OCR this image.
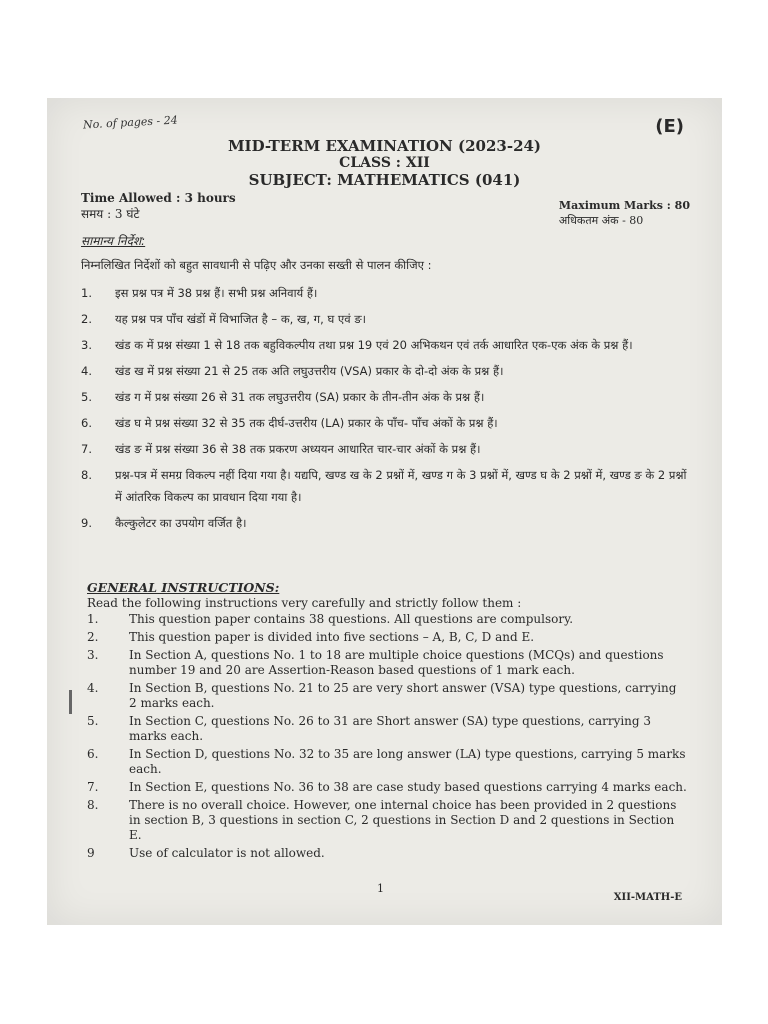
No. of pages - 24	(E)
MID-TERM EXAMINATION (2023-24)
CLASS : XII
SUBJECT: MATHEMATICS (041)
Time Allowed : 3 hours
समय : 3 घंटे
Maximum Marks : 80
अधिकतम अंक - 80
सामान्य निर्देश:
निम्नलिखित निर्देशों को बहुत सावधानी से पढ़िए और उनका सख्ती से पालन कीजिए :
1.	इस प्रश्न पत्र में 38 प्रश्न हैं। सभी प्रश्न अनिवार्य हैं।
2.	यह प्रश्न पत्र पाँच खंडों में विभाजित है – क, ख, ग, घ एवं ङ।
3.	खंड क में प्रश्न संख्या 1 से 18 तक बहुविकल्पीय तथा प्रश्न 19 एवं 20 अभिकथन एवं तर्क आधारित एक-एक अंक के प्रश्न हैं।
4.	खंड ख में प्रश्न संख्या 21 से 25 तक अति लघुउत्तरीय (VSA) प्रकार के दो-दो अंक के प्रश्न हैं।
5.	खंड ग में प्रश्न संख्या 26 से 31 तक लघुउत्तरीय (SA) प्रकार के तीन-तीन अंक के प्रश्न हैं।
6.	खंड घ मे प्रश्न संख्या 32 से 35 तक दीर्घ-उत्तरीय (LA) प्रकार के पाँच- पाँच अंकों के प्रश्न हैं।
7.	खंड ङ में प्रश्न संख्या 36 से 38 तक प्रकरण अध्ययन आधारित चार-चार अंकों के प्रश्न हैं।
8.	प्रश्न-पत्र में समग्र विकल्प नहीं दिया गया है। यद्यपि, खण्ड ख के 2 प्रश्नों में, खण्ड ग के 3 प्रश्नों में, खण्ड घ के 2 प्रश्नों में, खण्ड ङ के 2 प्रश्नों में आंतरिक विकल्प का प्रावधान दिया गया है।
9.	कैल्कुलेटर का उपयोग वर्जित है।
GENERAL INSTRUCTIONS:
Read the following instructions very carefully and strictly follow them :
1.	This question paper contains 38 questions. All questions are compulsory.
2.	This question paper is divided into five sections – A, B, C, D and E.
3.	In Section A, questions No. 1 to 18 are multiple choice questions (MCQs) and questions number 19 and 20 are Assertion-Reason based questions of 1 mark each.
4.	In Section B, questions No. 21 to 25 are very short answer (VSA) type questions, carrying 2 marks each.
5.	In Section C, questions No. 26 to 31 are Short answer (SA) type questions, carrying 3 marks each.
6.	In Section D, questions No. 32 to 35 are long answer (LA) type questions, carrying 5 marks each.
7.	In Section E, questions No. 36 to 38 are case study based questions carrying 4 marks each.
8.	There is no overall choice. However, one internal choice has been provided in 2 questions in section B, 3 questions in section C, 2 questions in Section D and 2 questions in Section E.
9	Use of calculator is not allowed.
1
XII-MATH-E
